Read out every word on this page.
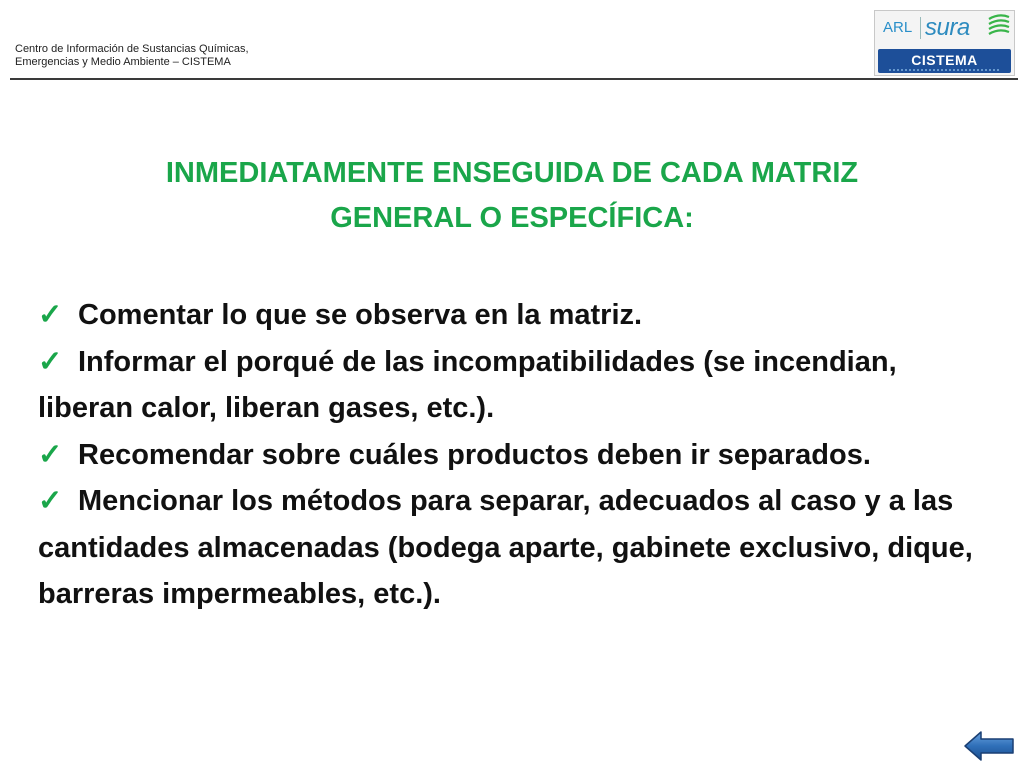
Centro de Información de Sustancias Químicas,
Emergencias y Medio Ambiente – CISTEMA
ARL sura
CISTEMA
INMEDIATAMENTE ENSEGUIDA DE CADA MATRIZ
GENERAL O ESPECÍFICA:
✓ Comentar lo que se observa en la matriz.
✓ Informar el porqué de las incompatibilidades (se incendian, liberan calor, liberan gases, etc.).
✓ Recomendar sobre cuáles productos deben ir separados.
✓ Mencionar los métodos para separar, adecuados al caso y a las cantidades almacenadas (bodega aparte, gabinete exclusivo, dique, barreras impermeables, etc.).
